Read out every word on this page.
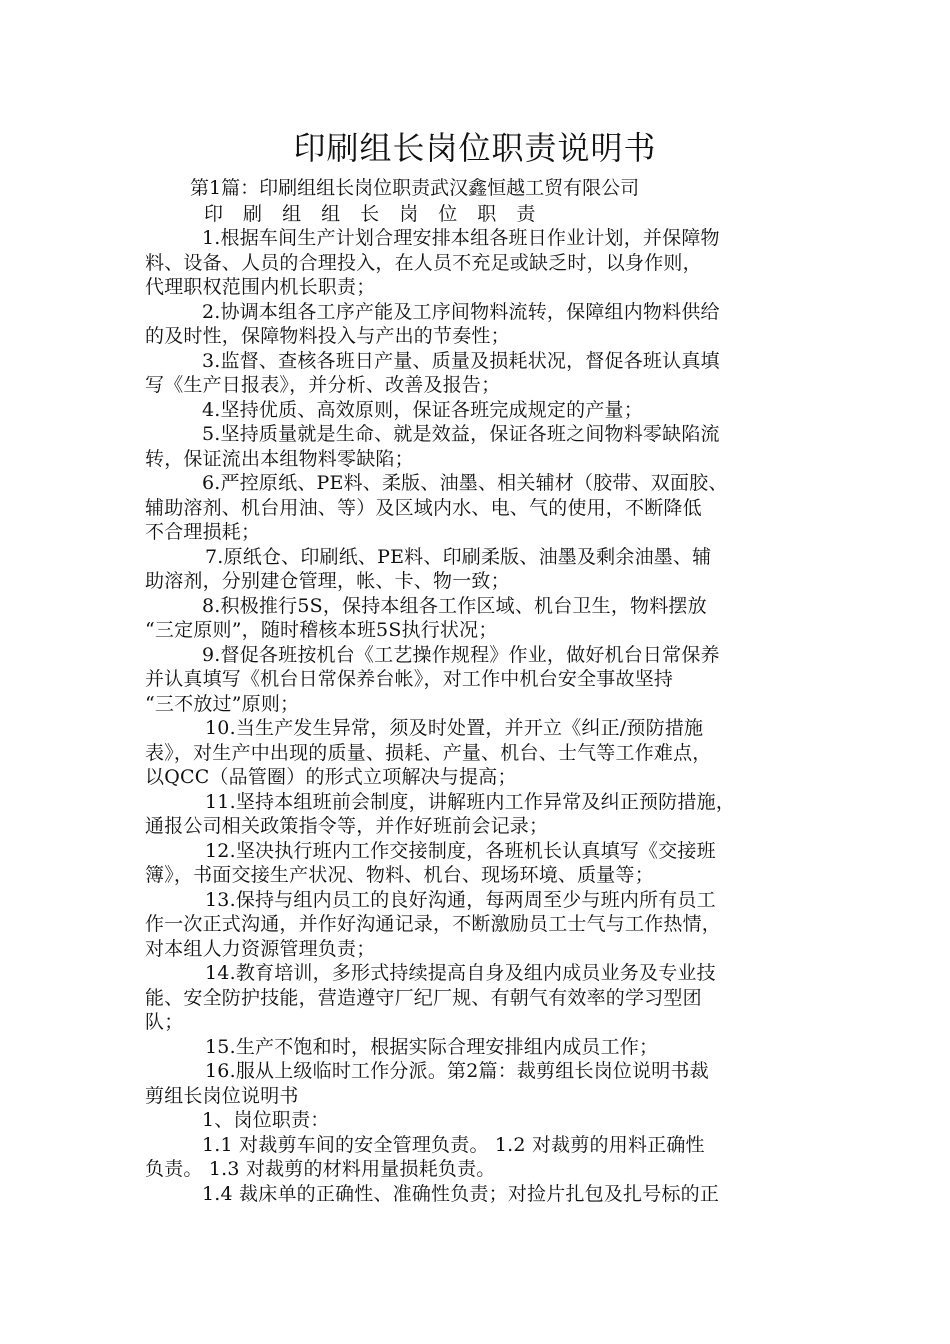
印刷组长岗位职责说明书
第1篇：印刷组组长岗位职责武汉鑫恒越工贸有限公司
印 刷 组 组 长 岗 位 职 责
1.根据车间生产计划合理安排本组各班日作业计划，并保障物
料、设备、人员的合理投入，在人员不充足或缺乏时，以身作则，
代理职权范围内机长职责；
2.协调本组各工序产能及工序间物料流转，保障组内物料供给
的及时性，保障物料投入与产出的节奏性；
3.监督、查核各班日产量、质量及损耗状况，督促各班认真填
写《生产日报表》，并分析、改善及报告；
4.坚持优质、高效原则，保证各班完成规定的产量；
5.坚持质量就是生命、就是效益，保证各班之间物料零缺陷流
转，保证流出本组物料零缺陷；
6.严控原纸、PE料、柔版、油墨、相关辅材（胶带、双面胶、
辅助溶剂、机台用油、等）及区域内水、电、气的使用，不断降低
不合理损耗；
7.原纸仓、印刷纸、PE料、印刷柔版、油墨及剩余油墨、辅
助溶剂，分别建仓管理，帐、卡、物一致；
8.积极推行5S，保持本组各工作区域、机台卫生，物料摆放
“三定原则”，随时稽核本班5S执行状况；
9.督促各班按机台《工艺操作规程》作业，做好机台日常保养
并认真填写《机台日常保养台帐》，对工作中机台安全事故坚持
“三不放过”原则；
10.当生产发生异常，须及时处置，并开立《纠正/预防措施
表》，对生产中出现的质量、损耗、产量、机台、士气等工作难点，
以QCC（品管圈）的形式立项解决与提高；
11.坚持本组班前会制度，讲解班内工作异常及纠正预防措施，
通报公司相关政策指令等，并作好班前会记录；
12.坚决执行班内工作交接制度，各班机长认真填写《交接班
簿》，书面交接生产状况、物料、机台、现场环境、质量等；
13.保持与组内员工的良好沟通，每两周至少与班内所有员工
作一次正式沟通，并作好沟通记录，不断激励员工士气与工作热情，
对本组人力资源管理负责；
14.教育培训，多形式持续提高自身及组内成员业务及专业技
能、安全防护技能，营造遵守厂纪厂规、有朝气有效率的学习型团
队；
15.生产不饱和时，根据实际合理安排组内成员工作；
16.服从上级临时工作分派。第2篇：裁剪组长岗位说明书裁
剪组长岗位说明书
1、岗位职责：
1.1 对裁剪车间的安全管理负责。 1.2 对裁剪的用料正确性
负责。 1.3 对裁剪的材料用量损耗负责。
1.4 裁床单的正确性、准确性负责；对捡片扎包及扎号标的正
